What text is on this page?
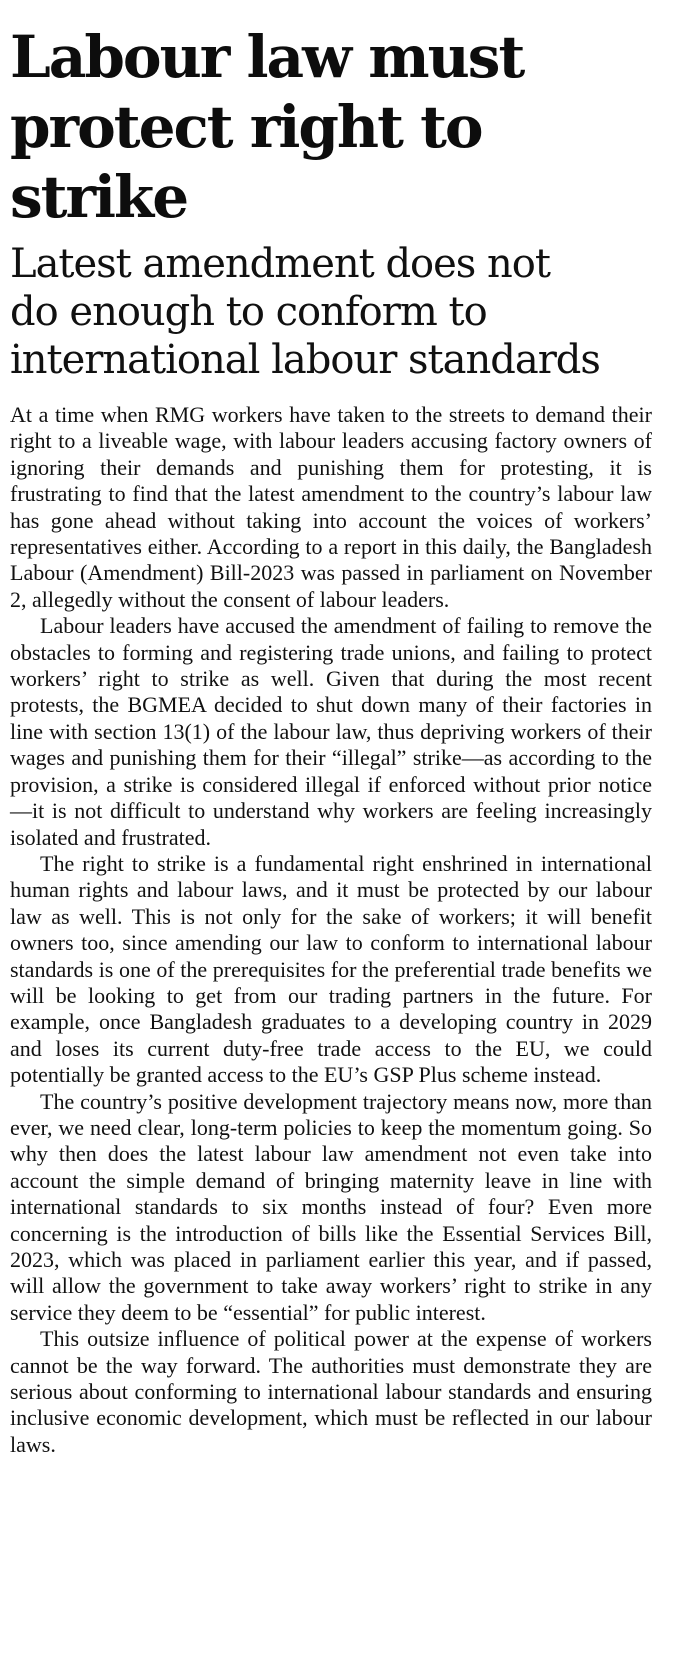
Labour law must
protect right to strike
Latest amendment does not
do enough to conform to
international labour standards

At a time when RMG workers have taken to the streets to demand their right to a liveable wage, with labour leaders accusing factory owners of ignoring their demands and punishing them for protesting, it is frustrating to find that the latest amendment to the country’s labour law has gone ahead without taking into account the voices of workers’ representatives either. According to a report in this daily, the Bangladesh Labour (Amendment) Bill-2023 was passed in parliament on November 2, allegedly without the consent of labour leaders.

Labour leaders have accused the amendment of failing to remove the obstacles to forming and registering trade unions, and failing to protect workers’ right to strike as well. Given that during the most recent protests, the BGMEA decided to shut down many of their factories in line with section 13(1) of the labour law, thus depriving workers of their wages and punishing them for their “illegal” strike—as according to the provision, a strike is considered illegal if enforced without prior notice—it is not difficult to understand why workers are feeling increasingly isolated and frustrated.

The right to strike is a fundamental right enshrined in international human rights and labour laws, and it must be protected by our labour law as well. This is not only for the sake of workers; it will benefit owners too, since amending our law to conform to international labour standards is one of the prerequisites for the preferential trade benefits we will be looking to get from our trading partners in the future. For example, once Bangladesh graduates to a developing country in 2029 and loses its current duty-free trade access to the EU, we could potentially be granted access to the EU’s GSP Plus scheme instead.

The country’s positive development trajectory means now, more than ever, we need clear, long-term policies to keep the momentum going. So why then does the latest labour law amendment not even take into account the simple demand of bringing maternity leave in line with international standards to six months instead of four? Even more concerning is the introduction of bills like the Essential Services Bill, 2023, which was placed in parliament earlier this year, and if passed, will allow the government to take away workers’ right to strike in any service they deem to be “essential” for public interest.

This outsize influence of political power at the expense of workers cannot be the way forward. The authorities must demonstrate they are serious about conforming to international labour standards and ensuring inclusive economic development, which must be reflected in our labour laws.
